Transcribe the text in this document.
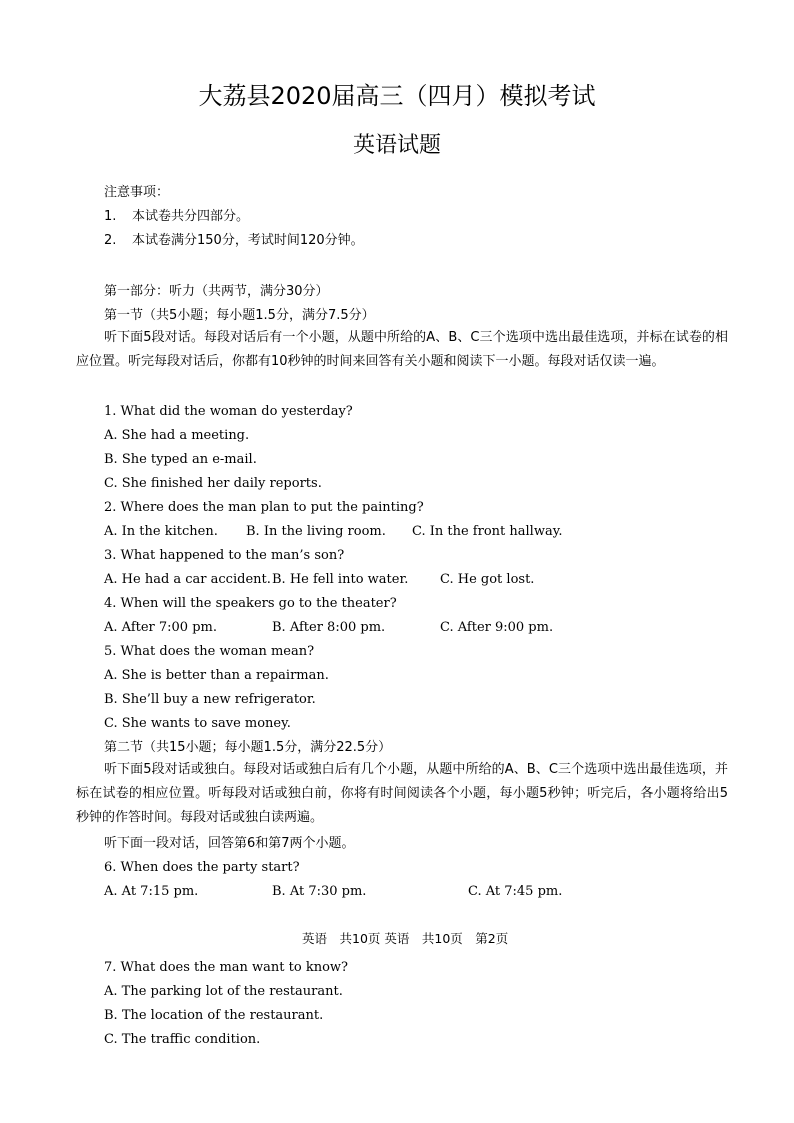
大荔县2020届高三（四月）模拟考试
英语试题
注意事项：
1. 本试卷共分四部分。
2. 本试卷满分150分，考试时间120分钟。
第一部分：听力（共两节，满分30分）
第一节（共5小题；每小题1.5分，满分7.5分）
听下面5段对话。每段对话后有一个小题，从题中所给的A、B、C三个选项中选出最佳选项，并标在试卷的相应位置。听完每段对话后，你都有10秒钟的时间来回答有关小题和阅读下一小题。每段对话仅读一遍。
1. What did the woman do yesterday?
A. She had a meeting.
B. She typed an e-mail.
C. She finished her daily reports.
2. Where does the man plan to put the painting?
A. In the kitchen. B. In the living room. C. In the front hallway.
3. What happened to the man’s son?
A. He had a car accident. B. He fell into water. C. He got lost.
4. When will the speakers go to the theater?
A. After 7:00 pm.	B. After 8:00 pm.	C. After 9:00 pm.
5. What does the woman mean?
A. She is better than a repairman.
B. She’ll buy a new refrigerator.
C. She wants to save money.
第二节（共15小题；每小题1.5分，满分22.5分）
听下面5段对话或独白。每段对话或独白后有几个小题，从题中所给的A、B、C三个选项中选出最佳选项，并标在试卷的相应位置。听每段对话或独白前，你将有时间阅读各个小题，每小题5秒钟；听完后，各小题将给出5秒钟的作答时间。每段对话或独白读两遍。
听下面一段对话，回答第6和第7两个小题。
6. When does the party start?
A. At 7:15 pm.	B. At 7:30 pm.	C. At 7:45 pm.
英语　共10页 英语　共10页　第2页
7. What does the man want to know?
A. The parking lot of the restaurant.
B. The location of the restaurant.
C. The traffic condition.
